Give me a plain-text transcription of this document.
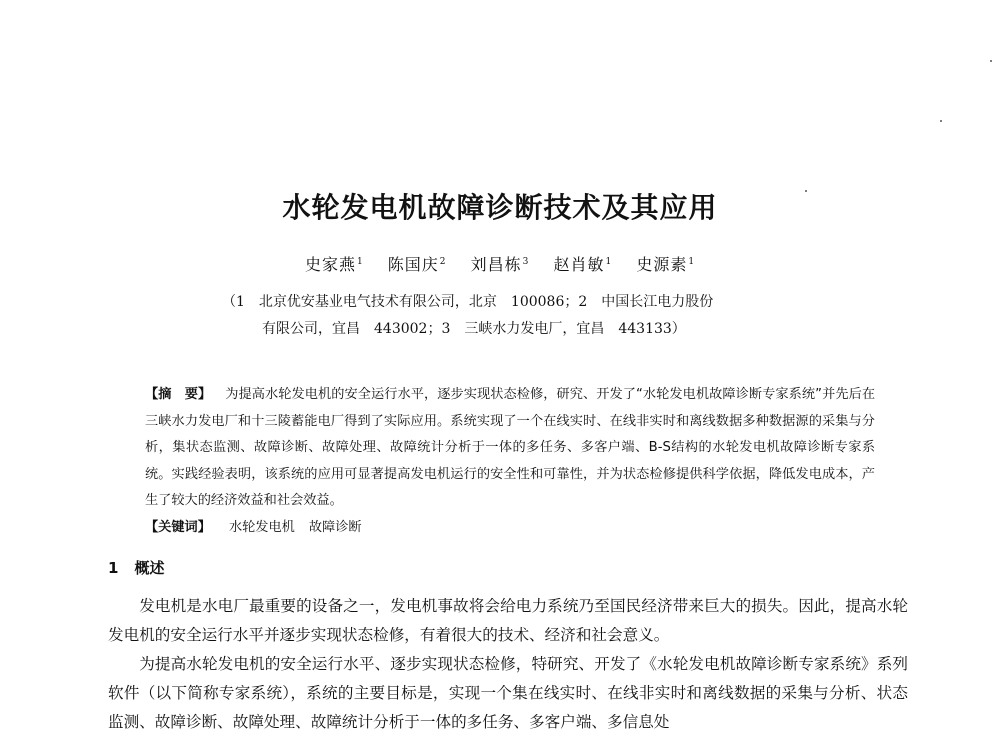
水轮发电机故障诊断技术及其应用
史家燕$^1$ 陈国庆$^2$ 刘昌栋$^3$ 赵肖敏$^1$ 史源素$^1$
（1　北京优安基业电气技术有限公司，北京　100086；2　中国长江电力股份
有限公司，宜昌　443002；3　三峡水力发电厂，宜昌　443133）

【摘　要】 为提高水轮发电机的安全运行水平，逐步实现状态检修，研究、开发了“水轮发电机故障诊断专家系统”并先后在三峡水力发电厂和十三陵蓄能电厂得到了实际应用。系统实现了一个在线实时、在线非实时和离线数据多种数据源的采集与分析，集状态监测、故障诊断、故障处理、故障统计分析于一体的多任务、多客户端、B-S结构的水轮发电机故障诊断专家系统。实践经验表明，该系统的应用可显著提高发电机运行的安全性和可靠性，并为状态检修提供科学依据，降低发电成本，产生了较大的经济效益和社会效益。

【关键词】 水轮发电机 故障诊断

1 概述

发电机是水电厂最重要的设备之一，发电机事故将会给电力系统乃至国民经济带来巨大的损失。因此，提高水轮发电机的安全运行水平并逐步实现状态检修，有着很大的技术、经济和社会意义。

为提高水轮发电机的安全运行水平、逐步实现状态检修，特研究、开发了《水轮发电机故障诊断专家系统》系列软件（以下简称专家系统），系统的主要目标是，实现一个集在线实时、在线非实时和离线数据的采集与分析、状态监测、故障诊断、故障处理、故障统计分析于一体的多任务、多客户端、多信息处
